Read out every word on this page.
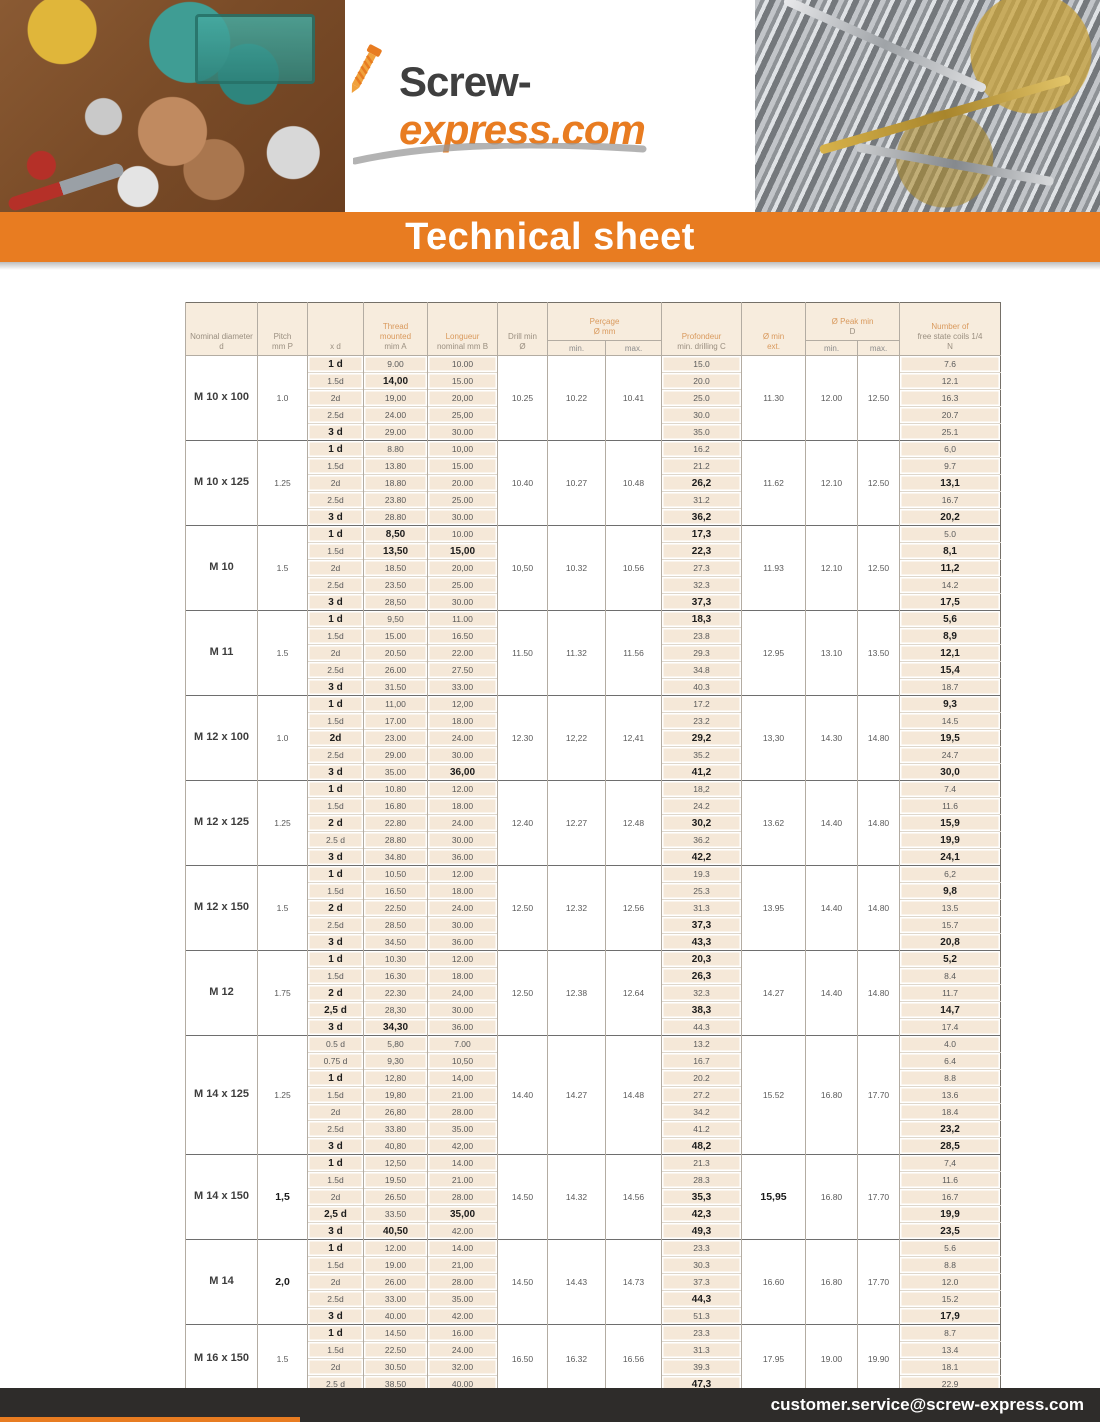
Screw-express.com
Technical sheet
Nominal diameter
d

Pitch
mm P	x d

Thread
mounted
mim A

Longueur
nominal mm B

Drill min
Ø

Perçage
Ø mm

Profondeur
min. drilling C

Ø min
ext.

Ø Peak min
D

Number of
free state coils 1/4
N

						min.	max.			min.	max.	
M 10 x 100	1.0	1 d	9.00	10.00	10.25	10.22	10.41	15.0	11.30	12.00	12.50	7.6
		1.5d	14,00	15.00				20.0				12.1
		2d	19,00	20,00				25.0				16.3
		2.5d	24.00	25,00				30.0				20.7
		3 d	29.00	30.00				35.0				25.1
M 10 x 125	1.25	1 d	8.80	10,00	10.40	10.27	10.48	16.2	11.62	12.10	12.50	6,0
		1.5d	13.80	15.00				21.2				9.7
		2d	18.80	20.00				26,2				13,1
		2.5d	23.80	25.00				31.2				16.7
		3 d	28.80	30.00				36,2				20,2
M 10	1.5	1 d	8,50	10.00	10,50	10.32	10.56	17,3	11.93	12.10	12.50	5.0
		1.5d	13,50	15,00				22,3				8,1
		2d	18.50	20,00				27.3				11,2
		2.5d	23.50	25.00				32.3				14.2
		3 d	28,50	30.00				37,3				17,5
M 11	1.5	1 d	9,50	11.00	11.50	11.32	11.56	18,3	12.95	13.10	13.50	5,6
		1.5d	15.00	16.50				23.8				8,9
		2d	20.50	22.00				29.3				12,1
		2.5d	26.00	27.50				34.8				15,4
		3 d	31.50	33.00				40.3				18.7
M 12 x 100	1.0	1 d	11,00	12,00	12.30	12,22	12,41	17.2	13,30	14.30	14.80	9,3
		1.5d	17.00	18.00				23.2				14.5
		2d	23.00	24.00				29,2				19,5
		2.5d	29.00	30.00				35.2				24.7
		3 d	35.00	36,00				41,2				30,0
M 12 x 125	1.25	1 d	10.80	12.00	12.40	12.27	12.48	18,2	13.62	14.40	14.80	7.4
		1.5d	16.80	18.00				24.2				11.6
		2 d	22.80	24.00				30,2				15,9
		2.5 d	28.80	30.00				36.2				19,9
		3 d	34.80	36.00				42,2				24,1
M 12 x 150	1.5	1 d	10.50	12.00	12.50	12.32	12.56	19.3	13.95	14.40	14.80	6,2
		1.5d	16.50	18.00				25.3				9,8
		2 d	22.50	24.00				31.3				13.5
		2.5d	28.50	30.00				37,3				15.7
		3 d	34.50	36.00				43,3				20,8
M 12	1.75	1 d	10.30	12.00	12.50	12.38	12.64	20,3	14.27	14.40	14.80	5,2
		1.5d	16.30	18.00				26,3				8.4
		2 d	22.30	24,00				32.3				11.7
		2,5 d	28,30	30.00				38,3				14,7
		3 d	34,30	36.00				44.3				17.4
M 14 x 125	1.25	0.5 d	5,80	7.00	14.40	14.27	14.48	13.2	15.52	16.80	17.70	4.0
		0.75 d	9,30	10,50				16.7				6.4
		1 d	12,80	14,00				20.2				8.8
		1.5d	19,80	21.00				27.2				13.6
		2d	26,80	28.00				34.2				18.4
		2.5d	33.80	35.00				41.2				23,2
		3 d	40,80	42,00				48,2				28,5
M 14 x 150	1,5	1 d	12,50	14.00	14.50	14.32	14.56	21.3	15,95	16.80	17.70	7,4
		1.5d	19.50	21.00				28.3				11.6
		2d	26.50	28.00				35,3				16.7
		2,5 d	33.50	35,00				42,3				19,9
		3 d	40,50	42.00				49,3				23,5
M 14	2,0	1 d	12.00	14.00	14.50	14.43	14.73	23.3	16.60	16.80	17.70	5.6
		1.5d	19.00	21,00				30.3				8.8
		2d	26.00	28.00				37.3				12.0
		2.5d	33.00	35.00				44,3				15.2
		3 d	40.00	42.00				51.3				17,9
M 16 x 150	1.5	1 d	14.50	16.00	16.50	16.32	16.56	23.3	17.95	19.00	19.90	8.7
		1.5d	22.50	24.00				31.3				13.4
		2d	30.50	32.00				39.3				18.1
		2.5 d	38.50	40.00				47,3				22.9
customer.service@screw-express.com
